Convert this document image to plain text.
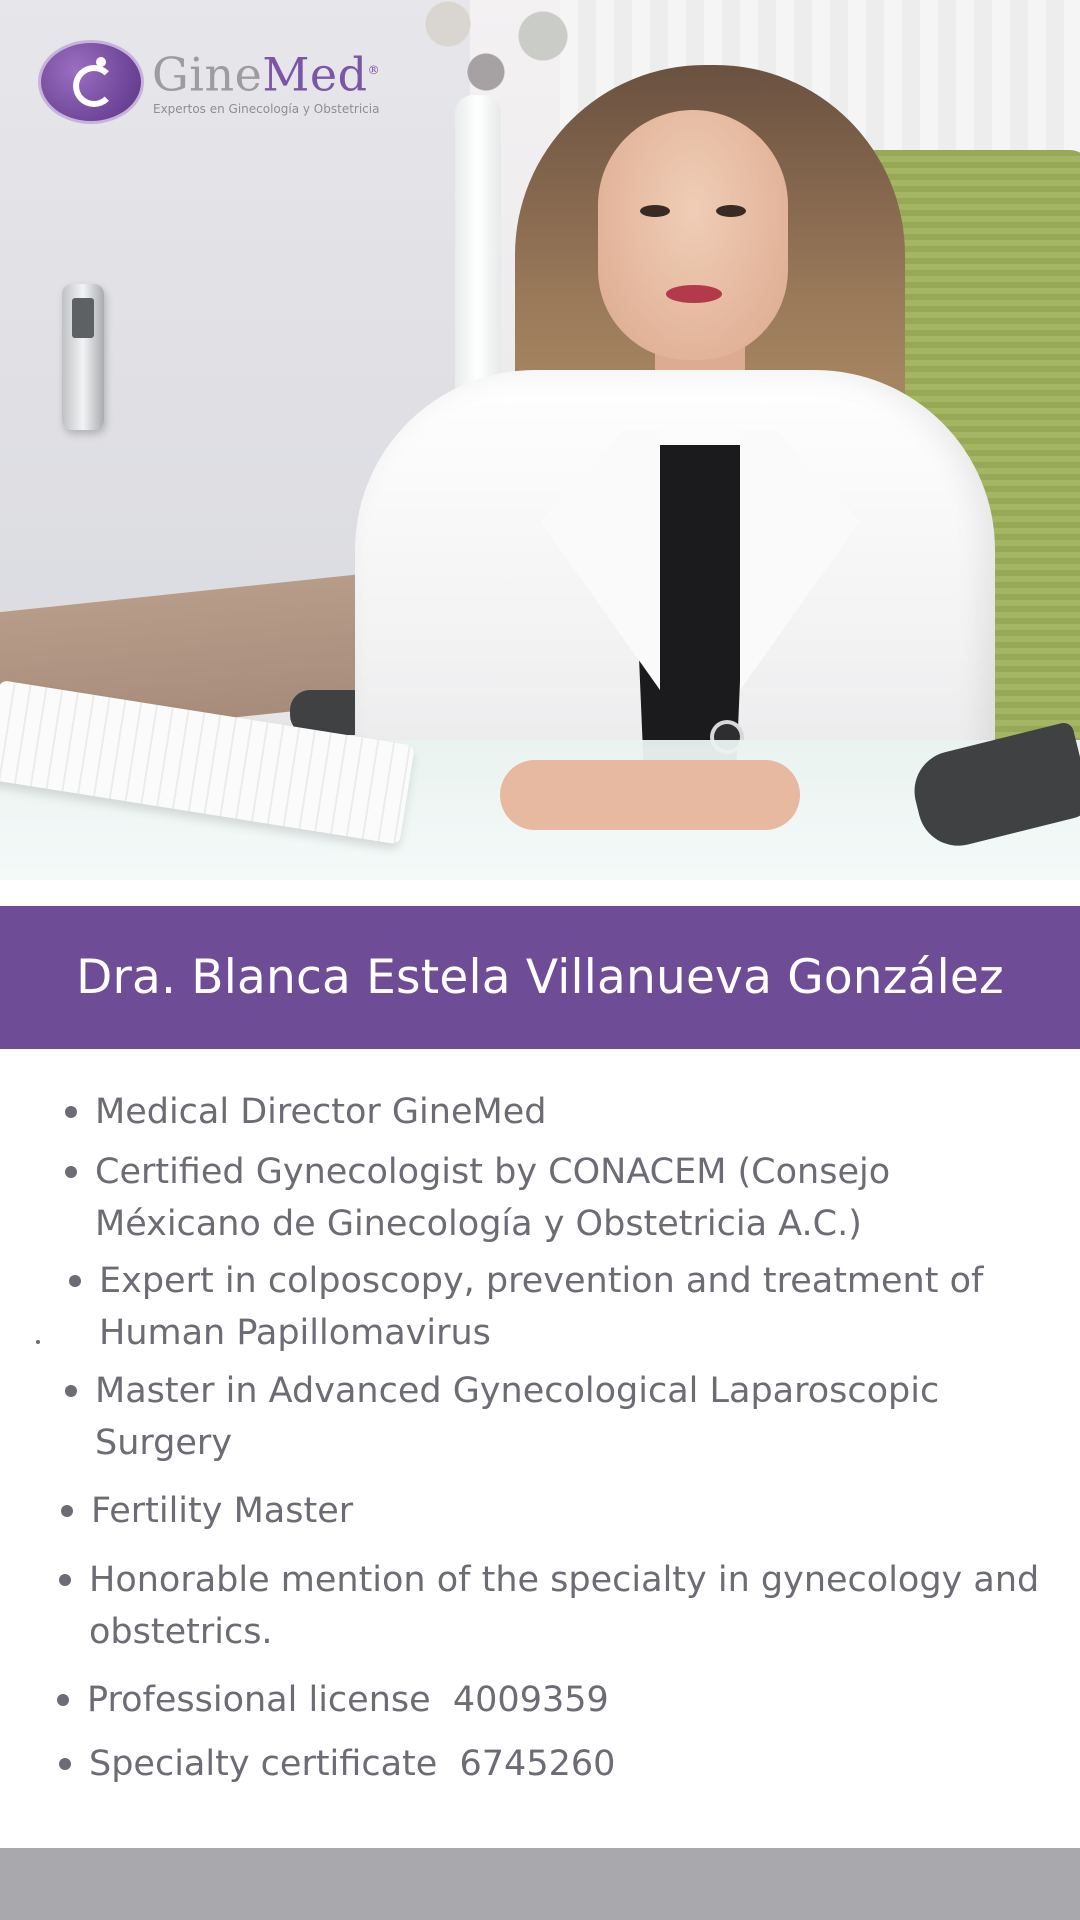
GineMed®
Expertos en Ginecología y Obstetricia
Dra. Blanca Estela Villanueva González
Medical Director GineMed
Certified Gynecologist by CONACEM (Consejo
Méxicano de Ginecología y Obstetricia A.C.)
Expert in colposcopy, prevention and treatment of
Human Papillomavirus
Master in Advanced Gynecological Laparoscopic
Surgery
Fertility Master
Honorable mention of the specialty in gynecology and
obstetrics.
Professional license  4009359
Specialty certificate  6745260
